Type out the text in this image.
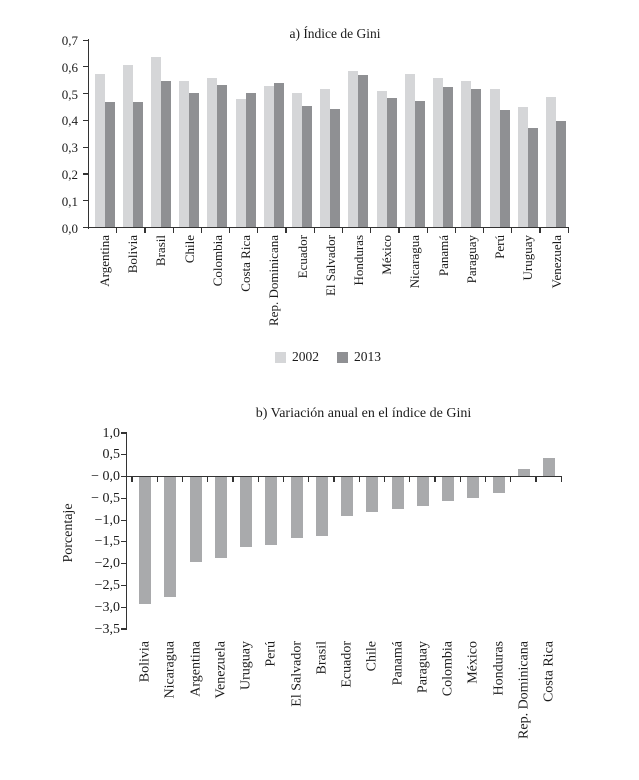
a) Índice de Gini
Argentina Bolivia Brasil Chile Colombia Costa Rica Rep. Dominicana Ecuador El Salvador Honduras México Nicaragua Panamá Paraguay Perú Uruguay Venezuela
0,0
0,1
0,2
0,3
0,4
0,5
0,6
0,7
2002	2013
b) Variación anual en el índice de Gini
Porcentaje
Bolivia Nicaragua Argentina Venezuela Uruguay Perú El Salvador Brasil Ecuador Chile Panamá Paraguay Colombia México Honduras Rep. Dominicana Costa Rica
1,0
0,5
− 0,0
− 0,5
−1,0
−1,5
−2,0
−2,5
−3,0
−3,5
